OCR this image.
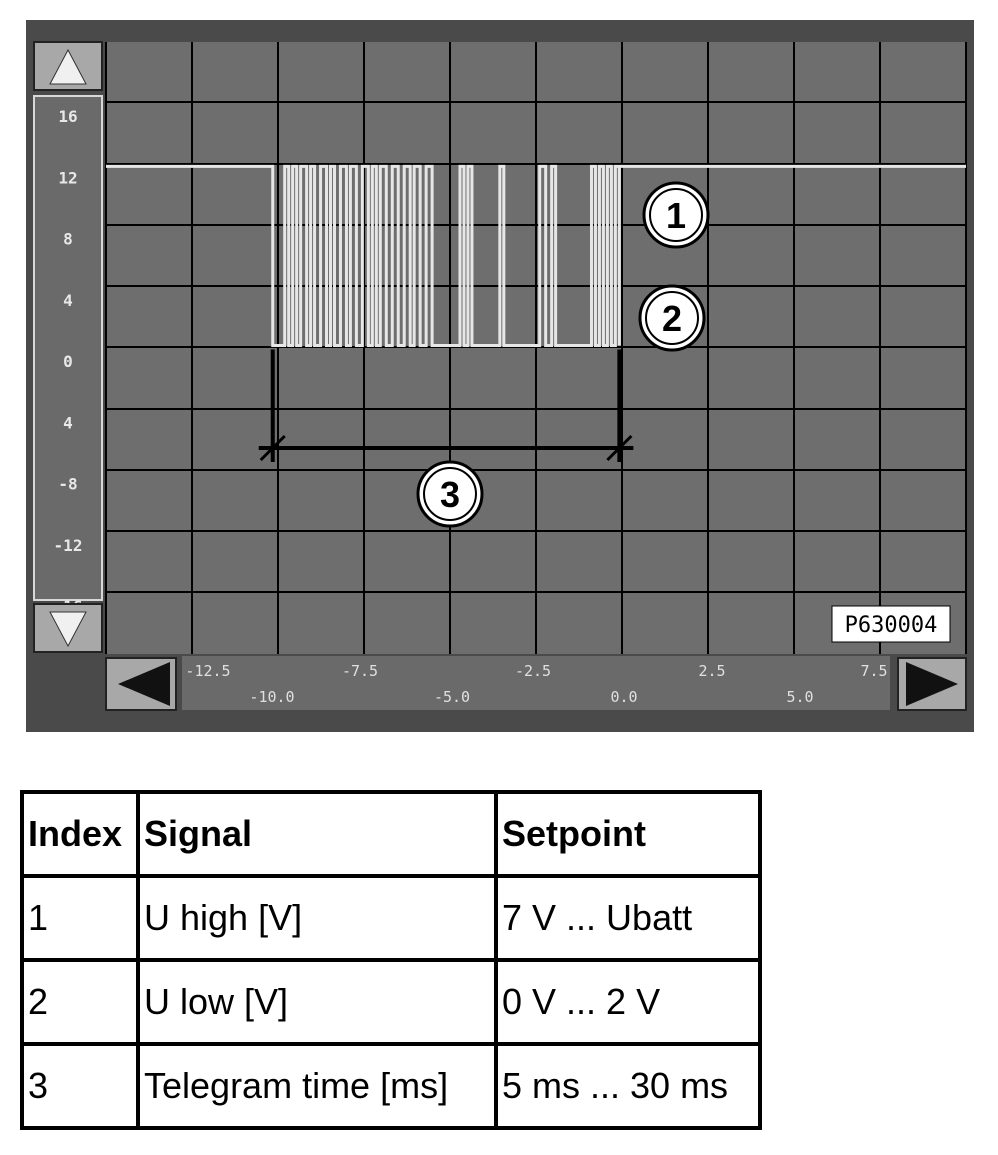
16
12
8
4
0
4
-8
-12
-12.5	-7.5	-2.5	2.5	7.5
-10.0	-5.0	0.0	5.0
1
2
3
P630004
Index	Signal	Setpoint
1	U high [V]	7 V ... Ubatt
2	U low [V]	0 V ... 2 V
3	Telegram time [ms]	5 ms ... 30 ms
